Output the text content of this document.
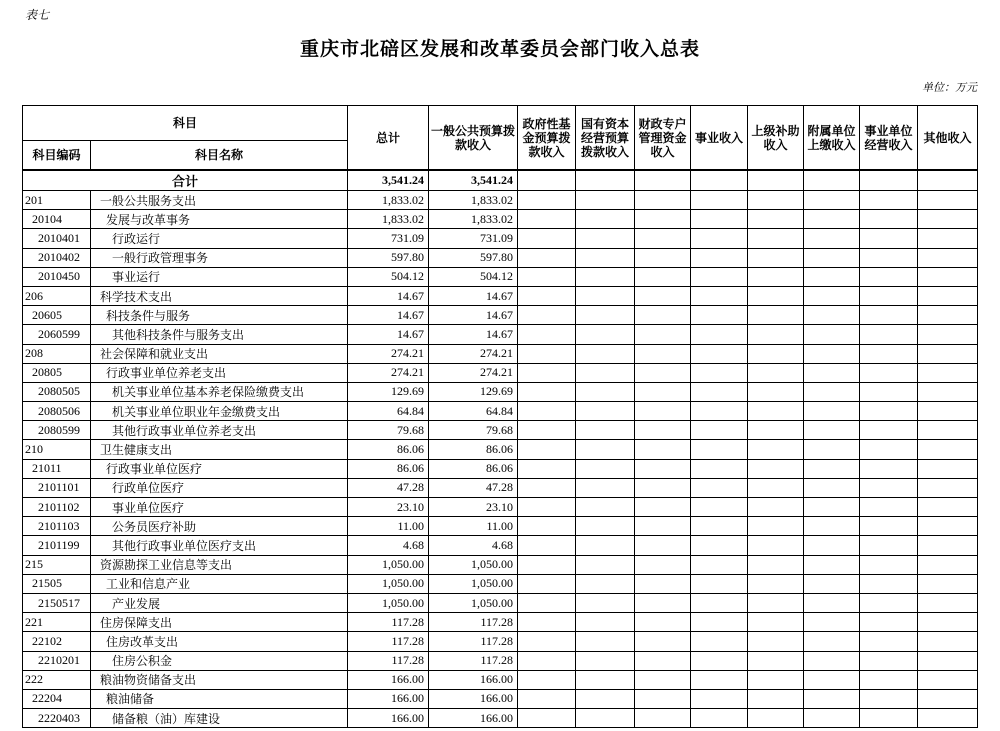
表七
重庆市北碚区发展和改革委员会部门收入总表
单位：万元
科目		总计	一般公共预算拨款收入	政府性基金预算拨款收入	国有资本经营预算拨款收入	财政专户管理资金收入	事业收入	上级补助收入	附属单位上缴收入	事业单位经营收入	其他收入
科目编码	科目名称										
合计		3,541.24	3,541.24								
201	一般公共服务支出	1,833.02	1,833.02								
20104	发展与改革事务	1,833.02	1,833.02								
2010401	行政运行	731.09	731.09								
2010402	一般行政管理事务	597.80	597.80								
2010450	事业运行	504.12	504.12								
206	科学技术支出	14.67	14.67								
20605	科技条件与服务	14.67	14.67								
2060599	其他科技条件与服务支出	14.67	14.67								
208	社会保障和就业支出	274.21	274.21								
20805	行政事业单位养老支出	274.21	274.21								
2080505	机关事业单位基本养老保险缴费支出	129.69	129.69								
2080506	机关事业单位职业年金缴费支出	64.84	64.84								
2080599	其他行政事业单位养老支出	79.68	79.68								
210	卫生健康支出	86.06	86.06								
21011	行政事业单位医疗	86.06	86.06								
2101101	行政单位医疗	47.28	47.28								
2101102	事业单位医疗	23.10	23.10								
2101103	公务员医疗补助	11.00	11.00								
2101199	其他行政事业单位医疗支出	4.68	4.68								
215	资源勘探工业信息等支出	1,050.00	1,050.00								
21505	工业和信息产业	1,050.00	1,050.00								
2150517	产业发展	1,050.00	1,050.00								
221	住房保障支出	117.28	117.28								
22102	住房改革支出	117.28	117.28								
2210201	住房公积金	117.28	117.28								
222	粮油物资储备支出	166.00	166.00								
22204	粮油储备	166.00	166.00								
2220403	储备粮（油）库建设	166.00	166.00								
